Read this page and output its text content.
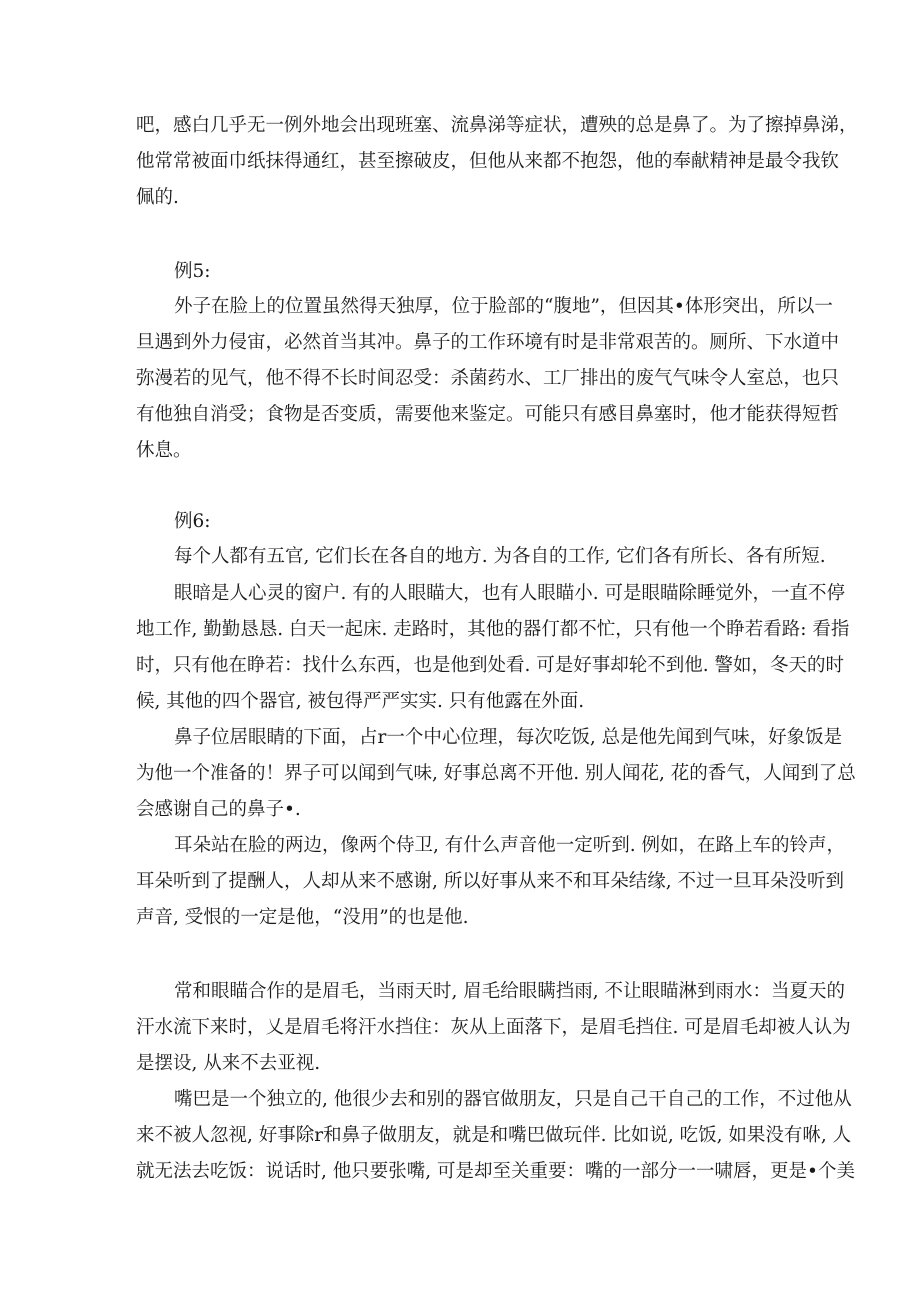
吧，感白几乎无一例外地会出现班塞、流鼻涕等症状，遭殃的总是鼻了。为了擦掉鼻涕，
他常常被面巾纸抹得通红，甚至擦破皮，但他从来都不抱怨，他的奉献精神是最令我钦
佩的.
例5:
外子在脸上的位置虽然得天独厚，位于脸部的“腹地”，但因其•体形突出，所以一
旦遇到外力侵宙，必然首当其冲。鼻子的工作环境有时是非常艰苦的。厕所、下水道中
弥漫若的见气，他不得不长时间忍受：杀菌药水、工厂排出的废气气味令人室总，也只
有他独自消受；食物是否变质，需要他来鉴定。可能只有感目鼻塞时，他才能获得短哲
休息。
例6:
每个人都有五官, 它们长在各自的地方. 为各自的工作, 它们各有所长、各有所短.
眼暗是人心灵的窗户. 有的人眼瞄大，也有人眼瞄小. 可是眼瞄除睡觉外，一直不停
地工作, 勤勤恳恳. 白天一起床. 走路时，其他的器仃都不忙，只有他一个睁若看路: 看指
时，只有他在睁若：找什么东西，也是他到处看. 可是好事却轮不到他. 警如，冬天的时
候, 其他的四个器官, 被包得严严实实. 只有他露在外面.
鼻子位居眼睛的下面，占r一个中心位理，每次吃饭, 总是他先闻到气味，好象饭是
为他一个准备的！界子可以闻到气味, 好事总离不开他. 别人闻花, 花的香气，人闻到了总
会感谢自己的鼻子•.
耳朵站在脸的两边，像两个侍卫, 有什么声音他一定听到. 例如，在路上车的铃声，
耳朵听到了提酬人，人却从来不感谢, 所以好事从来不和耳朵结缘, 不过一旦耳朵没听到
声音, 受恨的一定是他，“没用”的也是他.
常和眼瞄合作的是眉毛，当雨天时, 眉毛给眼瞒挡雨, 不让眼瞄淋到雨水：当夏天的
汗水流下来时，乂是眉毛将汗水挡住：灰从上面落下，是眉毛挡住. 可是眉毛却被人认为
是摆设, 从来不去亚视.
嘴巴是一个独立的, 他很少去和别的器官做朋友，只是自己干自己的工作，不过他从
来不被人忽视, 好事除r和鼻子做朋友，就是和嘴巴做玩伴. 比如说, 吃饭, 如果没有咻, 人
就无法去吃饭：说话时, 他只要张嘴, 可是却至关重要：嘴的一部分一一啸唇，更是•个美
